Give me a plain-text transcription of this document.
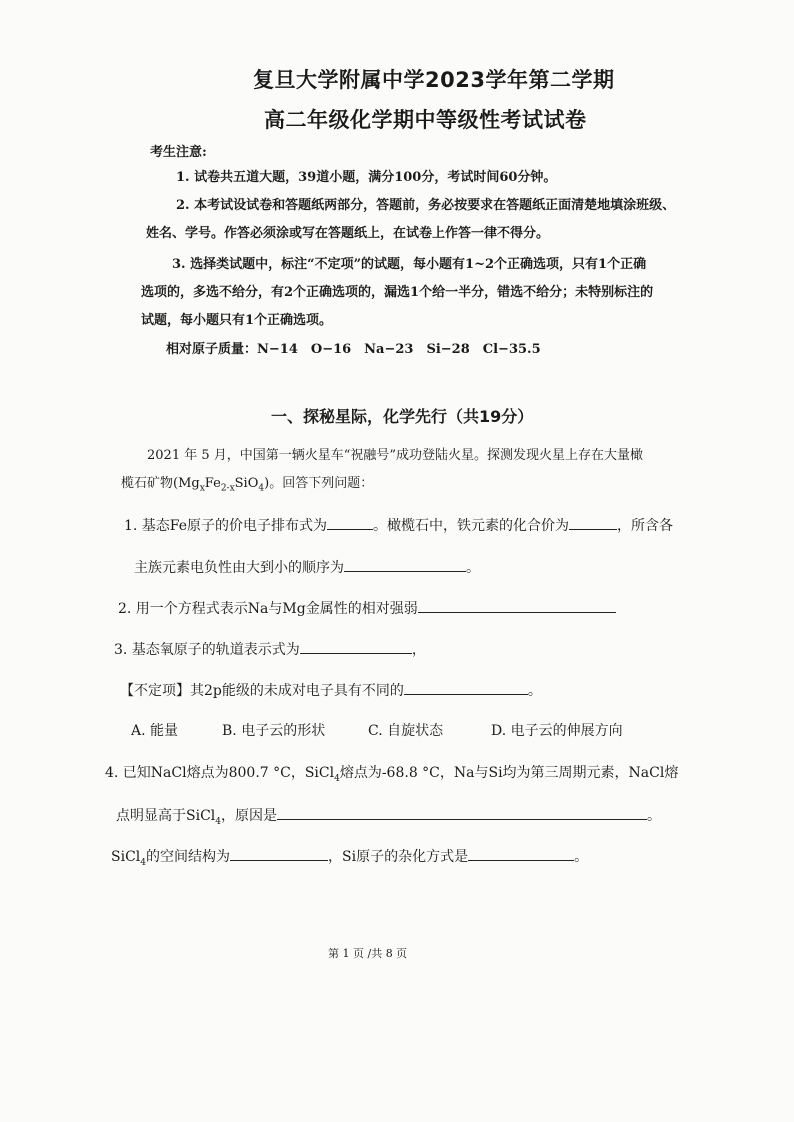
复旦大学附属中学2023学年第二学期
高二年级化学期中等级性考试试卷
考生注意:
1. 试卷共五道大题，39道小题，满分100分，考试时间60分钟。
2. 本考试设试卷和答题纸两部分，答题前，务必按要求在答题纸正面清楚地填涂班级、
姓名、学号。作答必须涂或写在答题纸上，在试卷上作答一律不得分。
3. 选择类试题中，标注“不定项”的试题，每小题有1~2个正确选项，只有1个正确
选项的，多选不给分，有2个正确选项的，漏选1个给一半分，错选不给分；未特别标注的
试题，每小题只有1个正确选项。
相对原子质量：N−14　O−16　Na−23　Si−28　Cl−35.5
一、探秘星际，化学先行（共19分）
2021 年 5 月，中国第一辆火星车“祝融号”成功登陆火星。探测发现火星上存在大量橄
榄石矿物$(Mg_xFe_{2-x}SiO_4)$。回答下列问题：
1. 基态Fe原子的价电子排布式为	。橄榄石中，铁元素的化合价为	，所含各
主族元素电负性由大到小的顺序为	。
2. 用一个方程式表示Na与Mg金属性的相对强弱
3. 基态氧原子的轨道表示式为	，
【不定项】其2p能级的未成对电子具有不同的	。
A. 能量	B. 电子云的形状	C. 自旋状态	D. 电子云的伸展方向
4. 已知NaCl熔点为800.7 °C，SiCl$_4$熔点为-68.8 °C，Na与Si均为第三周期元素，NaCl熔
点明显高于SiCl$_4$，原因是	。
SiCl$_4$的空间结构为	，Si原子的杂化方式是	。
第 1 页 /共 8 页
